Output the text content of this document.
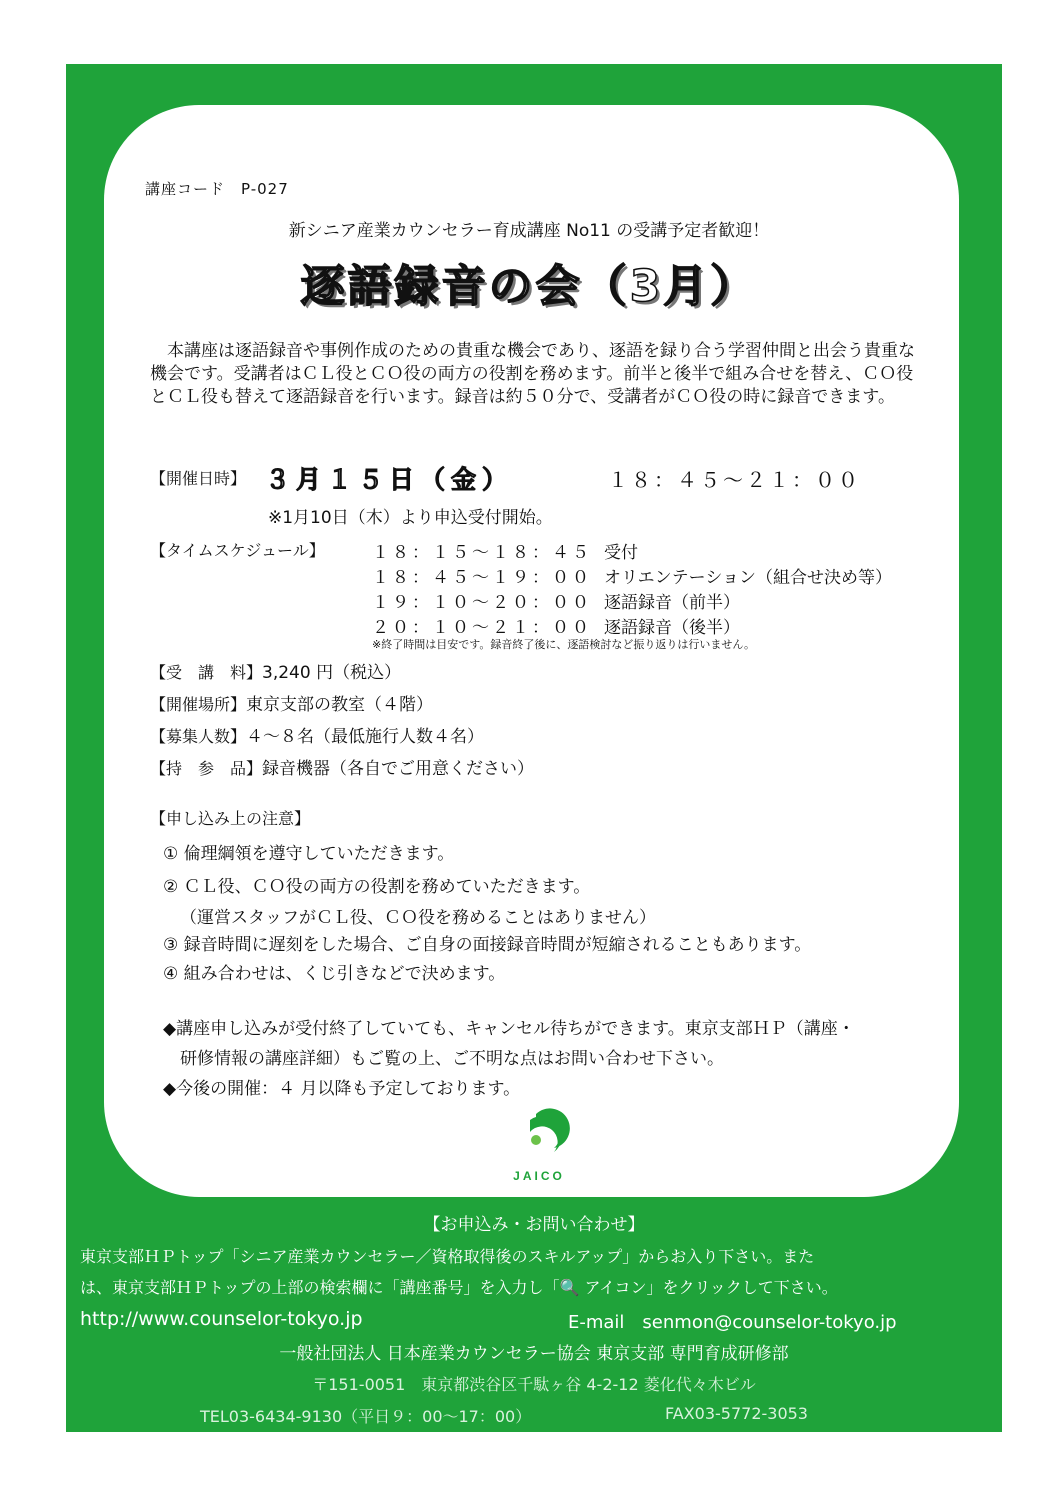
講座コード　P-027
新シニア産業カウンセラー育成講座 No11 の受講予定者歓迎！
逐語録音の会（3月）
本講座は逐語録音や事例作成のための貴重な機会であり、逐語を録り合う学習仲間と出会う貴重な機会です。受講者はＣＬ役とＣＯ役の両方の役割を務めます。前半と後半で組み合せを替え、ＣＯ役とＣＬ役も替えて逐語録音を行います。録音は約５０分で、受講者がＣＯ役の時に録音できます。
【開催日時】 ３月１５日（金）	１８：４５～２１：００
※1月10日（木）より申込受付開始。
【タイムスケジュール】	１８：１５～１８：４５ 受付
１８：４５～１９：００ オリエンテーション（組合せ決め等）
１９：１０～２０：００ 逐語録音（前半）
２０：１０～２１：００ 逐語録音（後半）
※終了時間は目安です。録音終了後に、逐語検討など振り返りは行いません。
【受　講　料】3,240 円（税込）
【開催場所】東京支部の教室（４階）
【募集人数】４～８名（最低施行人数４名）
【持　参　品】録音機器（各自でご用意ください）
【申し込み上の注意】
① 倫理綱領を遵守していただきます。
② ＣＬ役、ＣＯ役の両方の役割を務めていただきます。
（運営スタッフがＣＬ役、ＣＯ役を務めることはありません）
③ 録音時間に遅刻をした場合、ご自身の面接録音時間が短縮されることもあります。
④ 組み合わせは、くじ引きなどで決めます。
◆講座申し込みが受付終了していても、キャンセル待ちができます。東京支部ＨＰ（講座・
研修情報の講座詳細）もご覧の上、ご不明な点はお問い合わせ下さい。
◆今後の開催：４ 月以降も予定しております。
JAICO
【お申込み・お問い合わせ】
東京支部ＨＰトップ「シニア産業カウンセラー／資格取得後のスキルアップ」からお入り下さい。また
は、東京支部ＨＰトップの上部の検索欄に「講座番号」を入力し「🔍 アイコン」をクリックして下さい。
http://www.counselor-tokyo.jp	E-mail　senmon@counselor-tokyo.jp
一般社団法人 日本産業カウンセラー協会 東京支部 専門育成研修部
〒151-0051　東京都渋谷区千駄ヶ谷 4-2-12 菱化代々木ビル
TEL03-6434-9130（平日９：00～17：00）	FAX03-5772-3053
